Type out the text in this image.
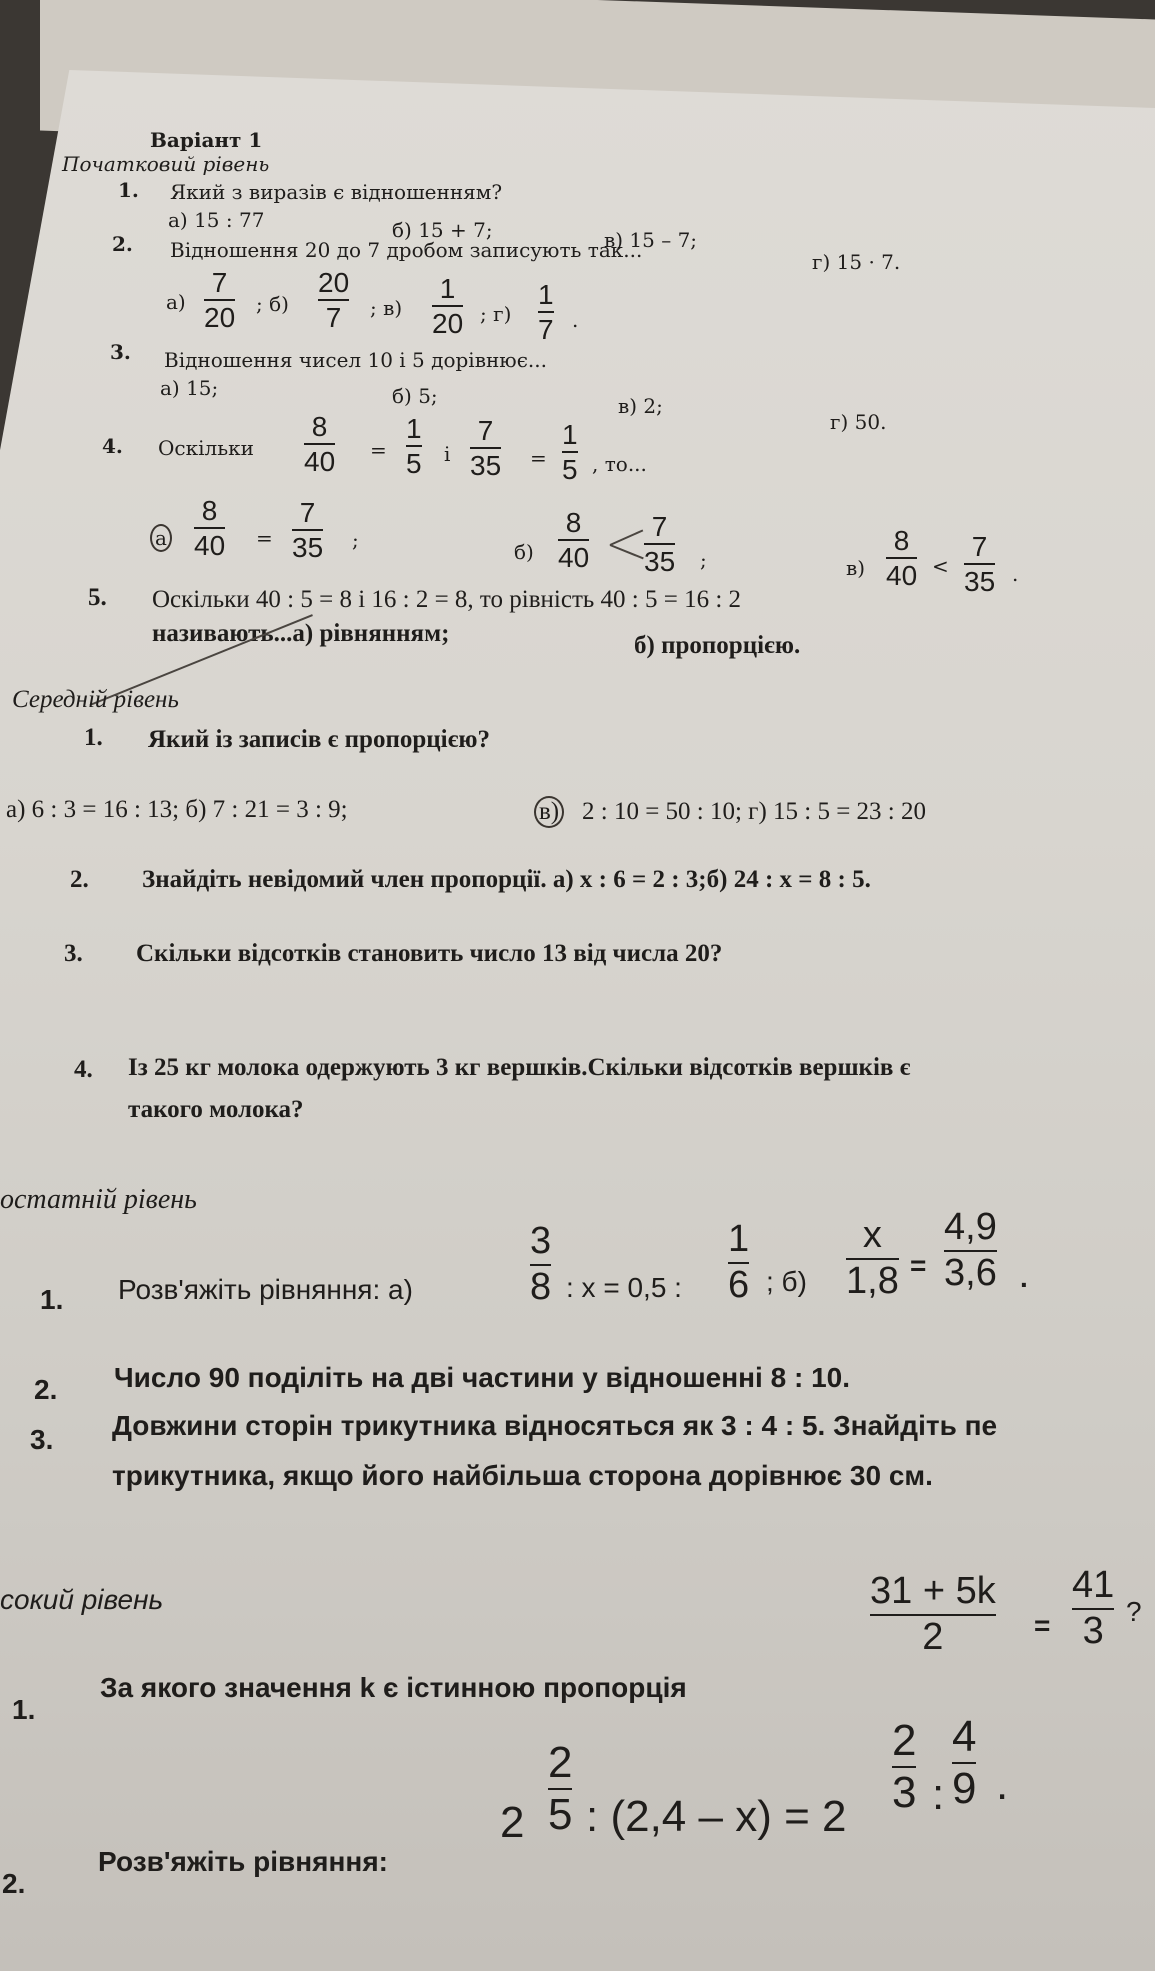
Варіант 1
Початковий рівень
1. Який з виразів є відношенням?
а) 15 : 77	б) 15 + 7;	в) 15 – 7;
г) 15 · 7.
2. Відношення 20 до 7 дробом записують так...
а)
7
20 ; б)
20
7 ; в)
1
20 ; г)
1
7 .
3. Відношення чисел 10 і 5 дорівнює...
а) 15;	б) 5;	в) 2;
г) 50.
4. Оскільки
8
40 =
1
5 і
7
35 =
1
5 , то...
а
8
40 =
7
35 ;	б)
8
40
7
35 ;	в)
8
40 <
7
35 .
5. Оскільки 40 : 5 = 8 і 16 : 2 = 8, то рівність 40 : 5 = 16 : 2
називають...а) рівнянням;	б) пропорцією.
Середній рівень
1. Який із записів є пропорцією?
а) 6 : 3 = 16 : 13; б) 7 : 21 = 3 : 9;	в) 2 : 10 = 50 : 10; г) 15 : 5 = 23 : 20
2. Знайдіть невідомий член пропорції. а) x : 6 = 2 : 3;б) 24 : x = 8 : 5.
3. Скільки відсотків становить число 13 від числа 20?
4. Із 25 кг молока одержують 3 кг вершків.Скільки відсотків вершків є
такого молока?
остатній рівень
1. Розв'яжіть рівняння: а)
3
8 : x = 0,5 :
1
6 ; б)
x
1,8 =
4,9
3,6 .
2. Число 90 поділіть на дві частини у відношенні 8 : 10.
3. Довжини сторін трикутника відносяться як 3 : 4 : 5. Знайдіть пе
трикутника, якщо його найбільша сторона дорівнює 30 см.
сокий рівень
1.
За якого значення k є істинною пропорція
31 + 5k
2	=
41
3 ?
2.
Розв'яжіть рівняння:
2
2
5 : (2,4 – x) = 2
2
3 :
4
9 .
